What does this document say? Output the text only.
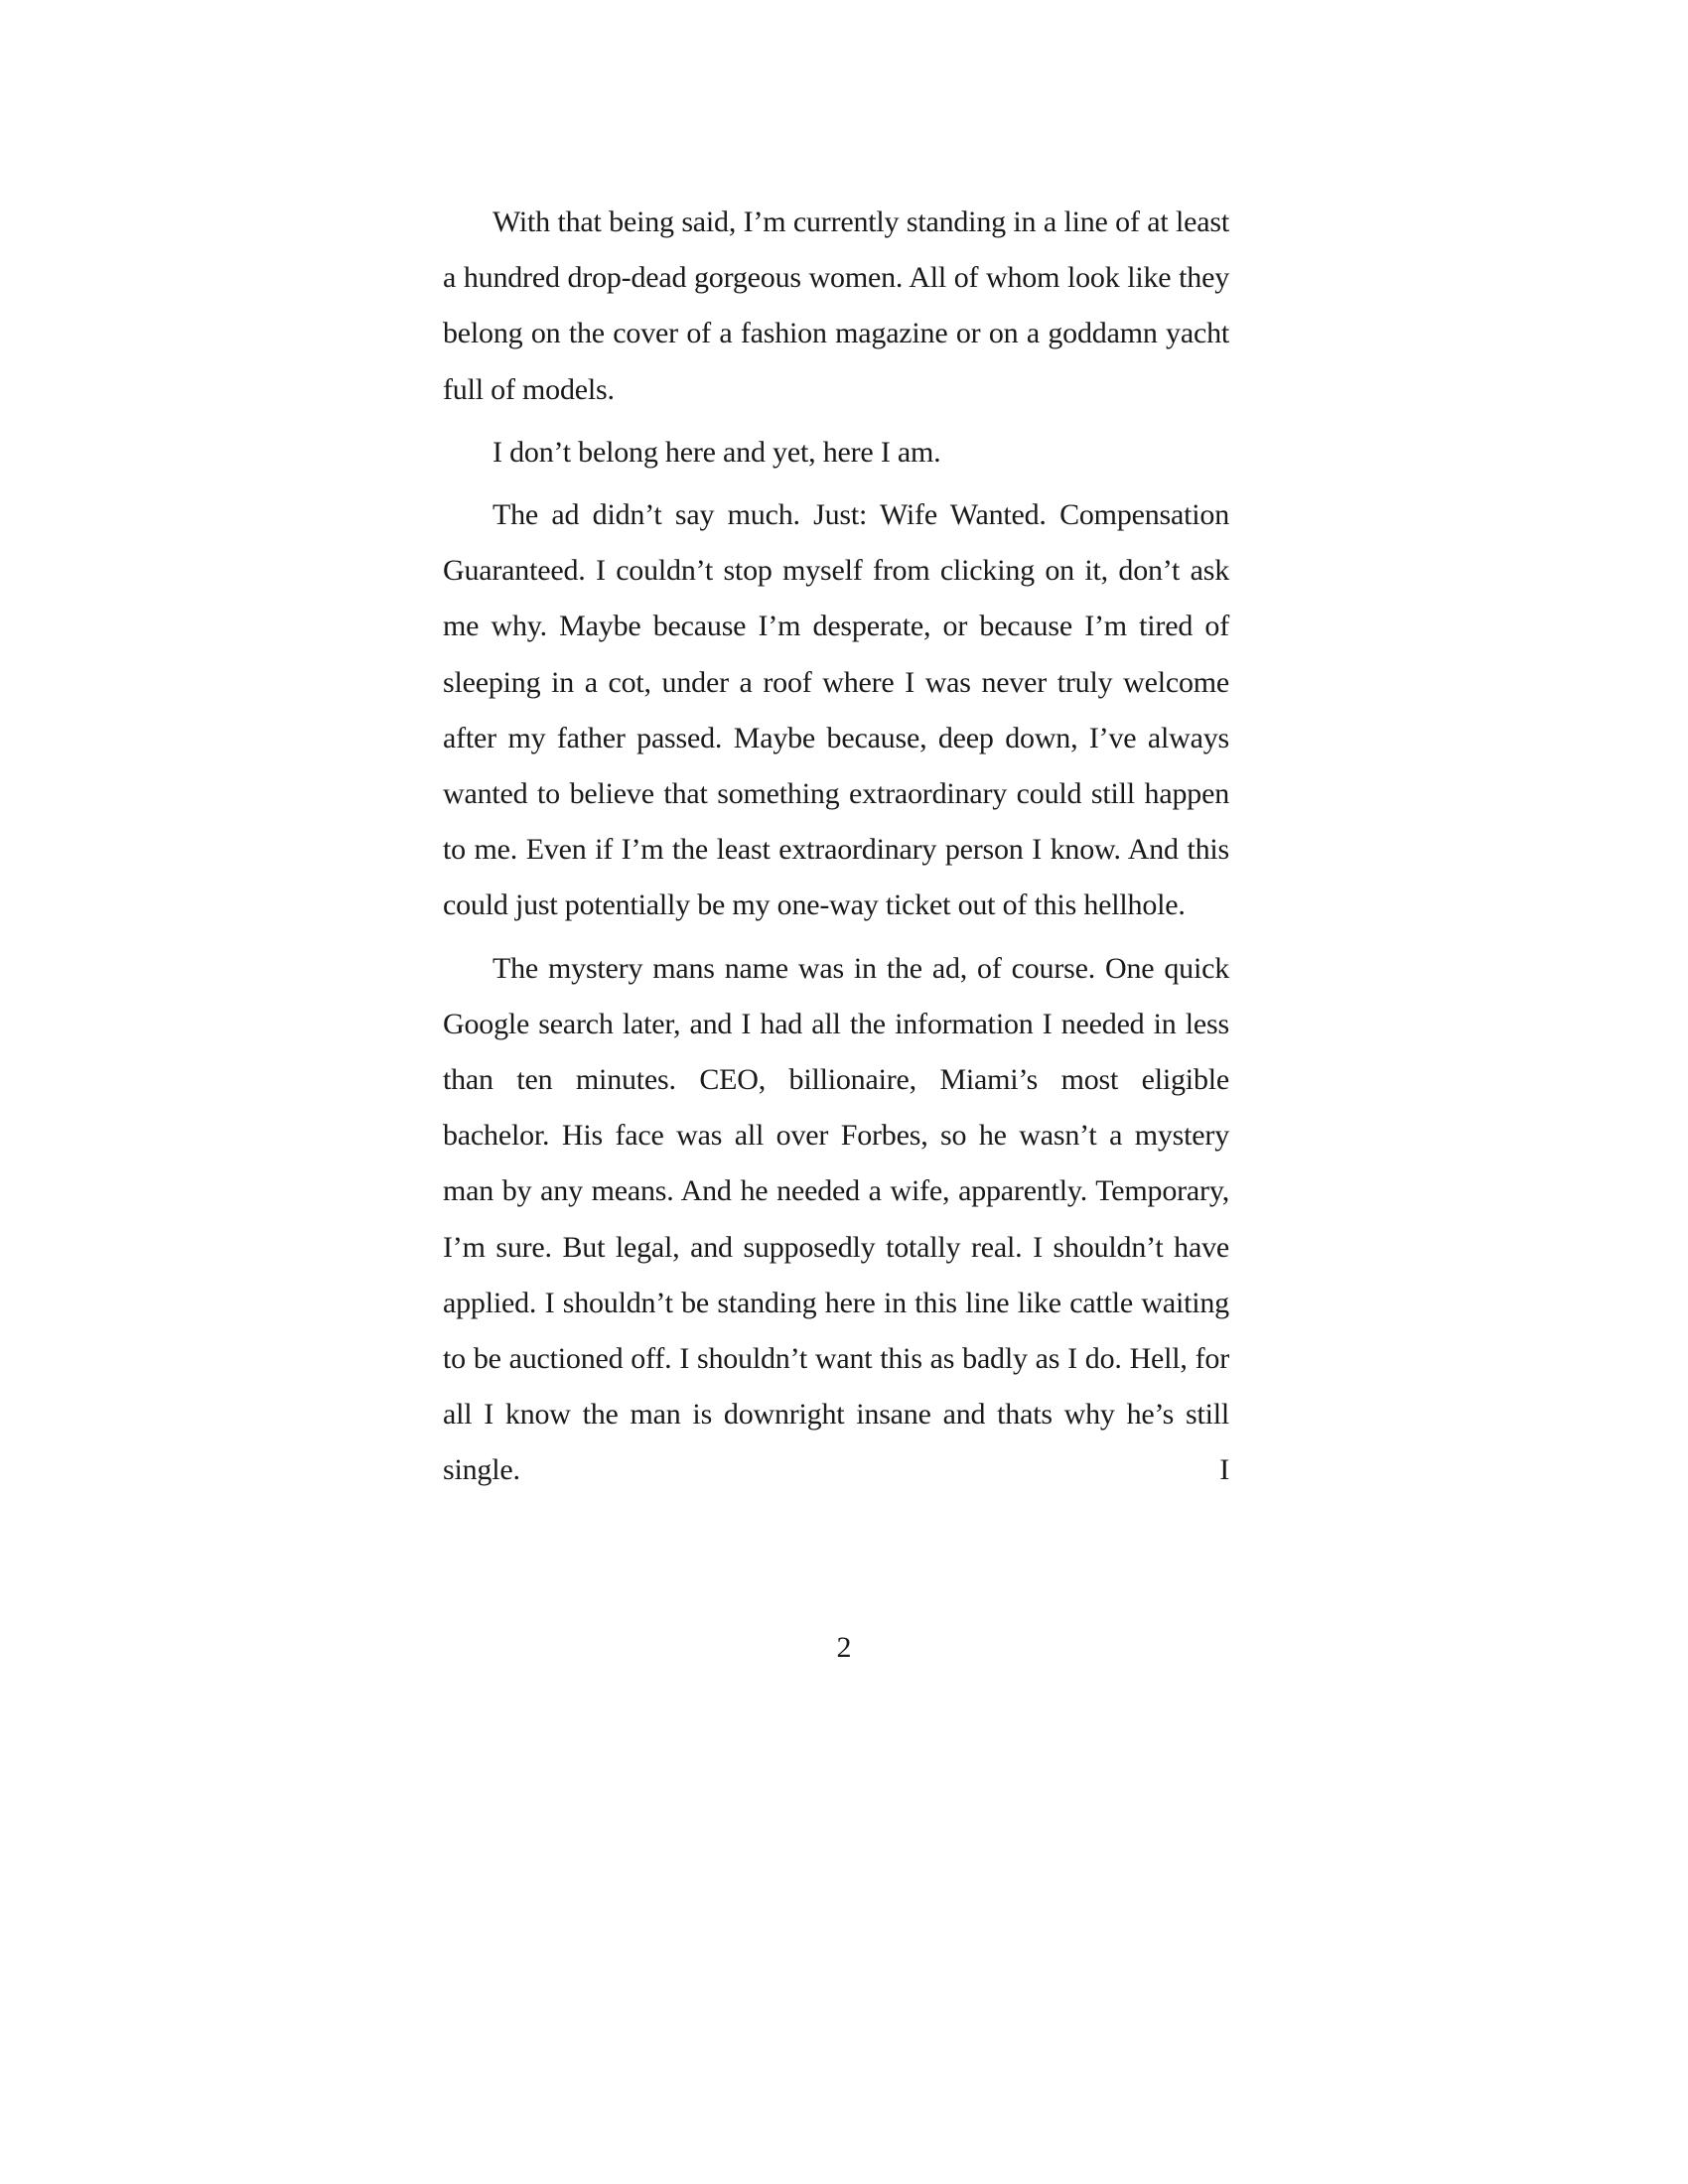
With that being said, I’m currently standing in a line of at least a hundred drop-dead gorgeous women. All of whom look like they belong on the cover of a fashion magazine or on a goddamn yacht full of models.

I don’t belong here and yet, here I am.

The ad didn’t say much. Just: Wife Wanted. Compensation Guaranteed. I couldn’t stop myself from clicking on it, don’t ask me why. Maybe because I’m desperate, or because I’m tired of sleeping in a cot, under a roof where I was never truly welcome after my father passed. Maybe because, deep down, I’ve always wanted to believe that something extraordinary could still happen to me. Even if I’m the least extraordinary person I know. And this could just potentially be my one-way ticket out of this hellhole.

The mystery mans name was in the ad, of course. One quick Google search later, and I had all the information I needed in less than ten minutes. CEO, billionaire, Miami’s most eligible bachelor. His face was all over Forbes, so he wasn’t a mystery man by any means. And he needed a wife, apparently. Temporary, I’m sure. But legal, and supposedly totally real. I shouldn’t have applied. I shouldn’t be standing here in this line like cattle waiting to be auctioned off. I shouldn’t want this as badly as I do. Hell, for all I know the man is downright insane and thats why he’s still single. I

2
